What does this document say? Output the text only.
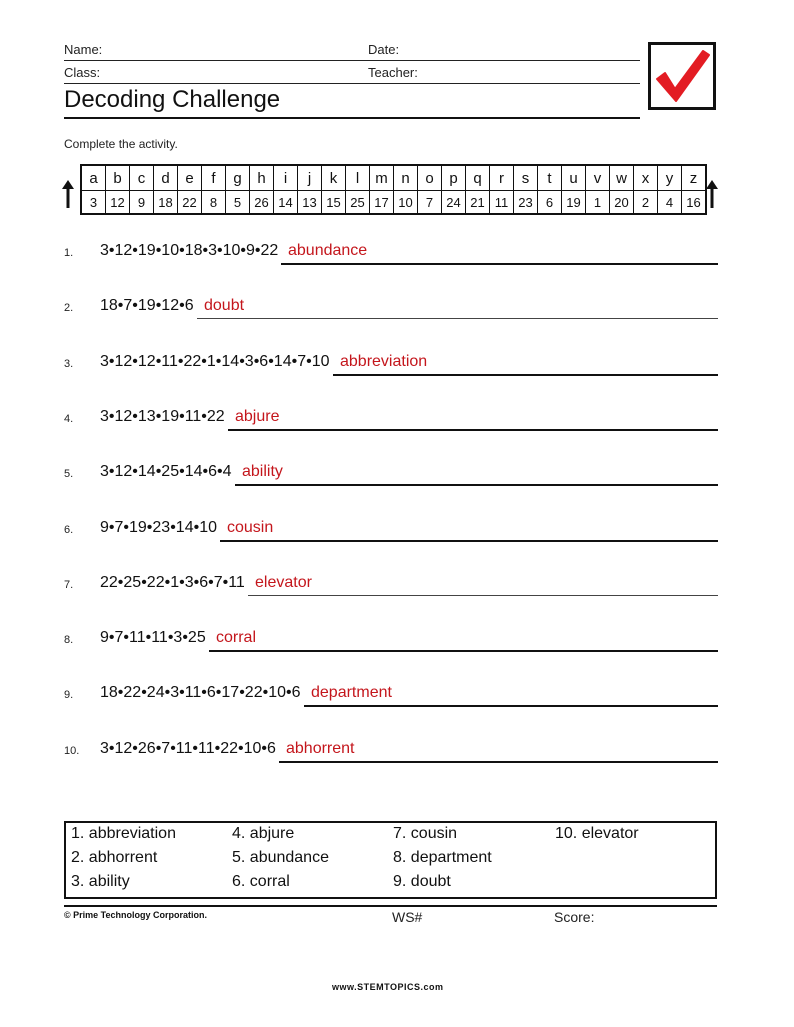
Name:	Date:
Class:	Teacher:
Decoding Challenge
Complete the activity.
a	b	c	d	e	f	g	h	i	j	k	l	m	n	o	p	q	r	s	t	u	v	w	x	y	z
3	12	9	18	22	8	5	26	14	13	15	25	17	10	7	24	21	11	23	6	19	1	20	2	4	16
1.	3•12•19•10•18•3•10•9•22 abundance
2.	18•7•19•12•6 doubt
3.	3•12•12•11•22•1•14•3•6•14•7•10 abbreviation
4.	3•12•13•19•11•22 abjure
5.	3•12•14•25•14•6•4 ability
6.	9•7•19•23•14•10 cousin
7.	22•25•22•1•3•6•7•11 elevator
8.	9•7•11•11•3•25 corral
9.	18•22•24•3•11•6•17•22•10•6 department
10.	3•12•26•7•11•11•22•10•6 abhorrent
1. abbreviation
2. abhorrent
3. ability
4. abjure
5. abundance
6. corral
7. cousin
8. department
9. doubt
10. elevator
© Prime Technology Corporation.	WS#	Score:
www.STEMTOPICS.com
